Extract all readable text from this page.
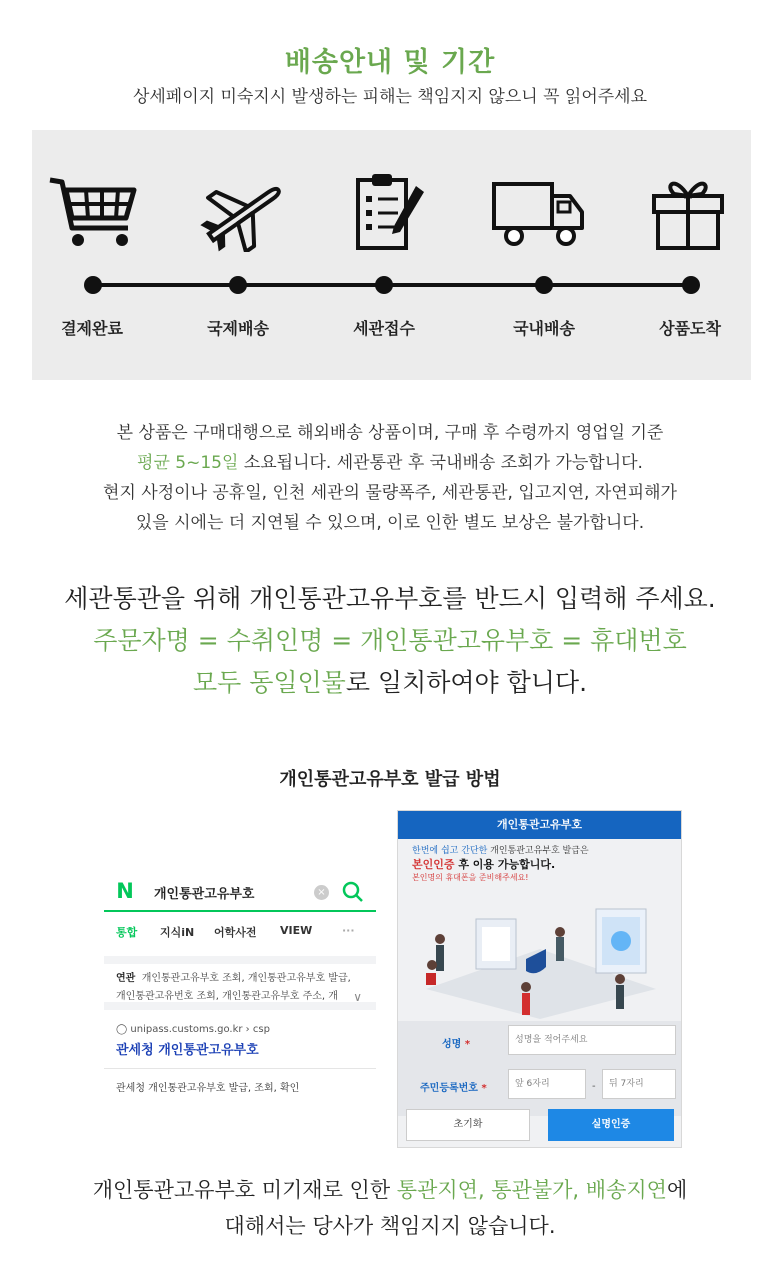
배송안내 및 기간
상세페이지 미숙지시 발생하는 피해는 책임지지 않으니 꼭 읽어주세요
결제완료	국제배송	세관접수	국내배송	상품도착
본 상품은 구매대행으로 해외배송 상품이며, 구매 후 수령까지 영업일 기준
평균 5~15일 소요됩니다. 세관통관 후 국내배송 조회가 가능합니다.
현지 사정이나 공휴일, 인천 세관의 물량폭주, 세관통관, 입고지연, 자연피해가
있을 시에는 더 지연될 수 있으며, 이로 인한 별도 보상은 불가합니다.
세관통관을 위해 개인통관고유부호를 반드시 입력해 주세요.
주문자명 = 수취인명 = 개인통관고유부호 = 휴대번호
모두 동일인물로 일치하여야 합니다.
개인통관고유부호 발급 방법
N 개인통관고유부호	×
통합 지식iN 어학사전 VIEW	···
연관 개인통관고유부호 조회, 개인통관고유부호 발급,
개인통관고유번호 조회, 개인통관고유부호 주소, 개	∨
◯ unipass.customs.go.kr › csp
관세청 개인통관고유부호
관세청 개인통관고유부호 발급, 조회, 확인
개인통관고유부호
한번에 쉽고 간단한 개인통관고유부호 발급은
본인인증 후 이용 가능합니다.
본인명의 휴대폰을 준비해주세요!
성명 *	성명을 적어주세요
주민등록번호 *	앞 6자리	-	뒤 7자리
초기화	실명인증
개인통관고유부호 미기재로 인한 통관지연, 통관불가, 배송지연에
대해서는 당사가 책임지지 않습니다.
